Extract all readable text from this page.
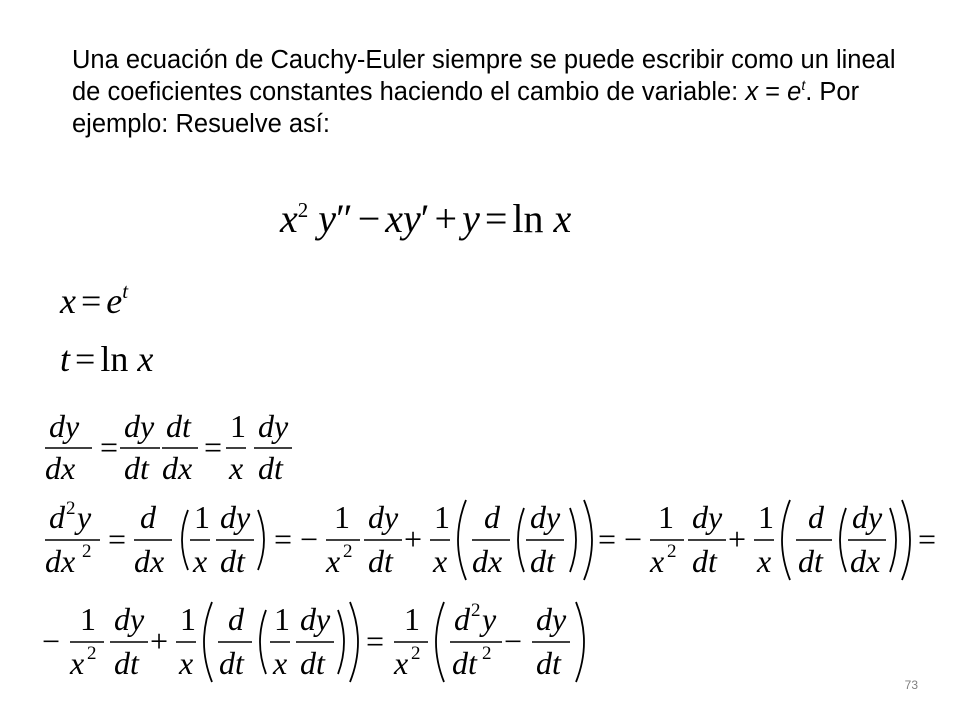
Una ecuación de Cauchy-Euler siempre se puede escribir como un lineal de coeficientes constantes haciendo el cambio de variable: $x = e^t$. Por ejemplo: Resuelve así:
$x^2$ y″ − xy′ + y = ln x
$x = e^t$
t = ln x
dy
dx
=
dy
dt
dt
dx
=
1
x
dy
dt
d 2 y
dx 2 =
d
dx
1
x
dy
dt
= −
1
x 2
dy
dt
+
1
x
d
dx
dy
dt
= −
1
x 2
dy
dt
+
1
x
d
dt
dy
dx
=
−
1
x 2
dy
dt
+
1
x
d
dt
1
x
dy
dt
=
1
x 2
d 2 y
dt 2 −
dy
dt
73
